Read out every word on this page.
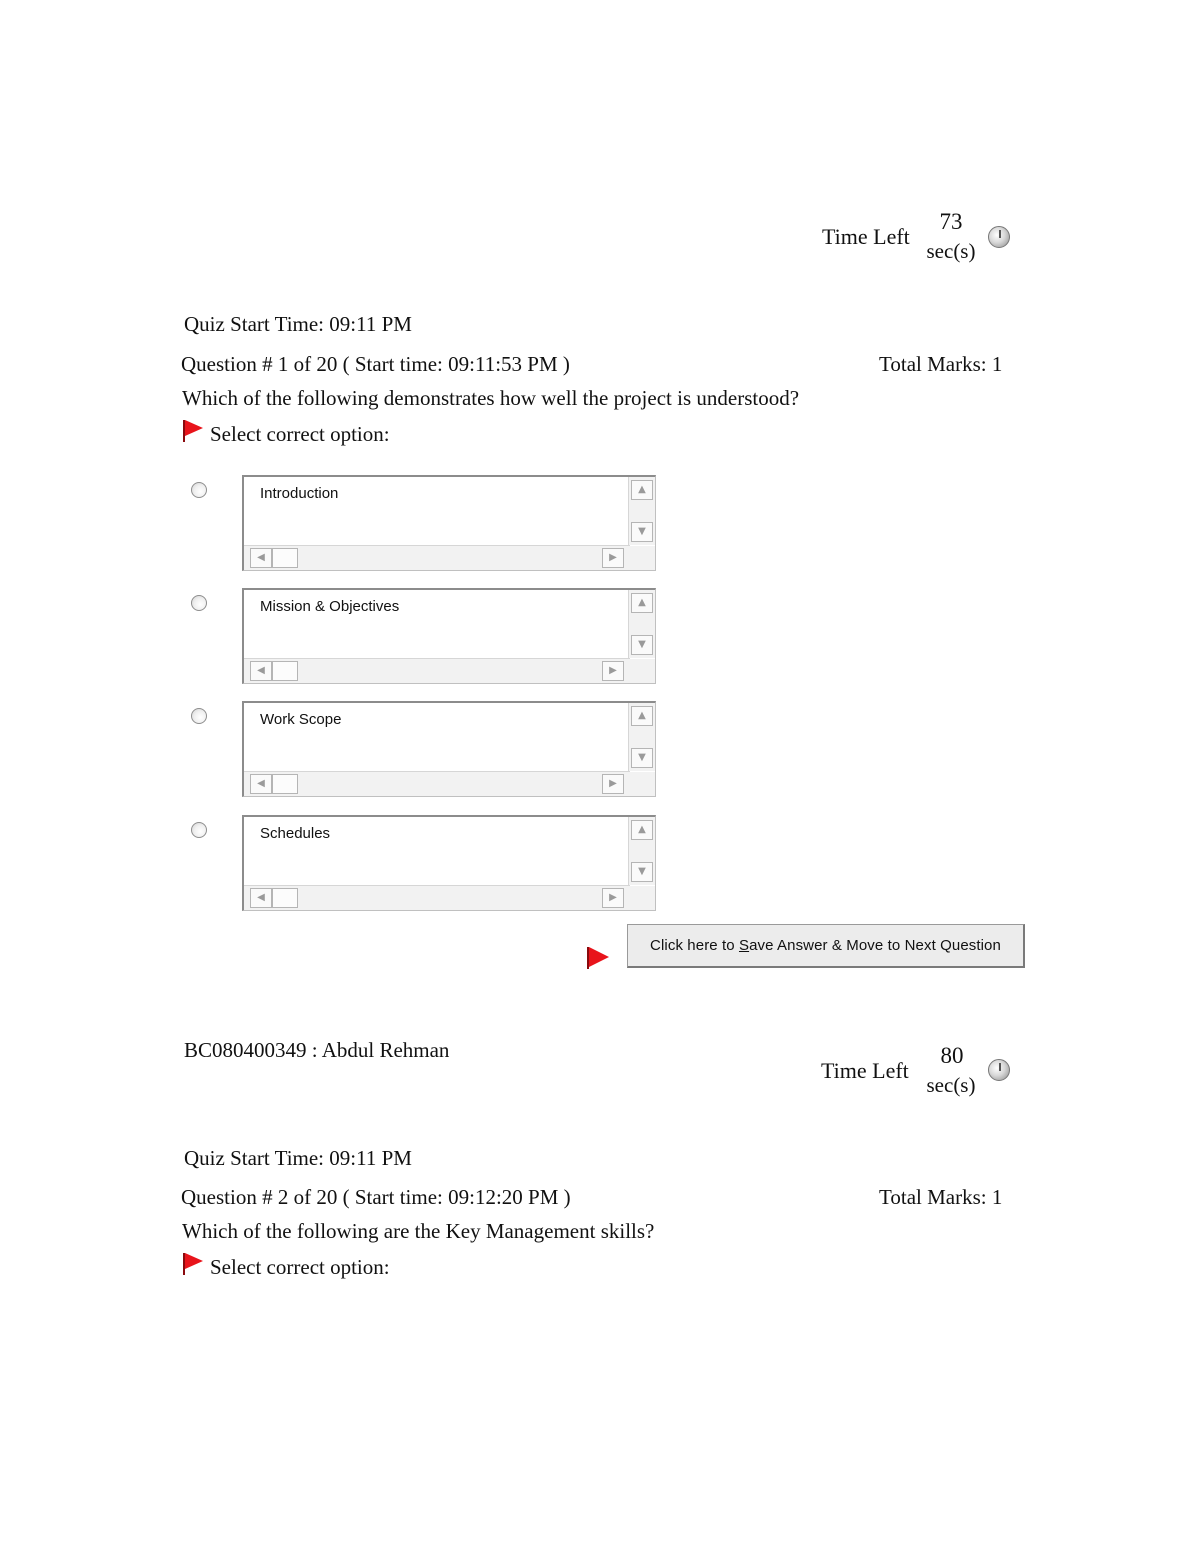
Time Left
73
sec(s)
Quiz Start Time: 09:11 PM
Question # 1 of 20 ( Start time: 09:11:53 PM )	Total Marks: 1
Which of the following demonstrates how well the project is understood?
Select correct option:
Introduction	▲
▼
◀	▶
Mission & Objectives	▲
▼
◀	▶
Work Scope	▲
▼
◀	▶
Schedules	▲
▼
◀	▶
Click here to Save Answer & Move to Next Question
BC080400349 : Abdul Rehman
Time Left
80
sec(s)
Quiz Start Time: 09:11 PM
Question # 2 of 20 ( Start time: 09:12:20 PM )	Total Marks: 1
Which of the following are the Key Management skills?
Select correct option:
